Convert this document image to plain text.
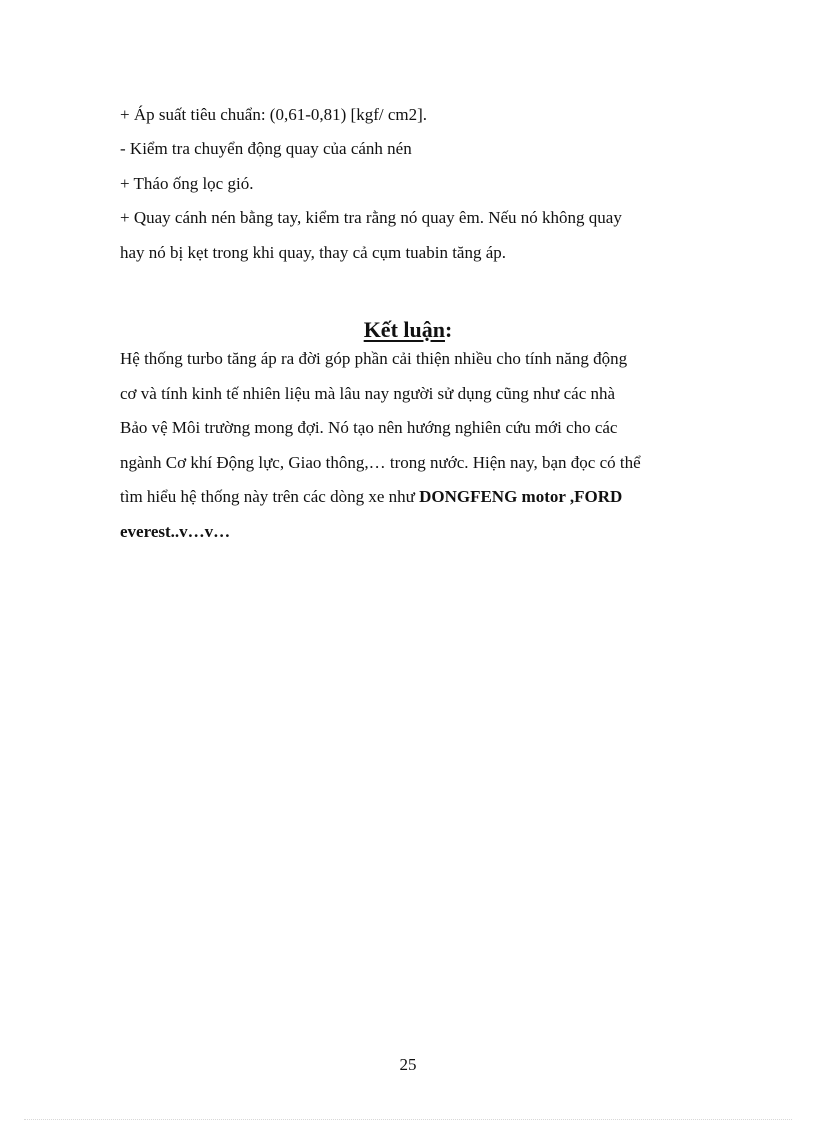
+ Áp suất tiêu chuẩn: (0,61-0,81) [kgf/ cm2].

- Kiểm tra chuyển động quay của cánh nén

+ Tháo ống lọc gió.

+ Quay cánh nén bằng tay, kiểm tra rằng nó quay êm. Nếu nó không quay

hay nó bị kẹt trong khi quay, thay cả cụm tuabin tăng áp.

Kết luận:

Hệ thống turbo tăng áp ra đời góp phần cải thiện nhiều cho tính năng động

cơ và tính kinh tế nhiên liệu mà lâu nay người sử dụng cũng như các nhà

Bảo vệ Môi trường mong đợi. Nó tạo nên hướng nghiên cứu mới cho các

ngành Cơ khí Động lực, Giao thông,… trong nước. Hiện nay, bạn đọc có thể

tìm hiểu hệ thống này trên các dòng xe như DONGFENG motor ,FORD

everest..v…v…

25
